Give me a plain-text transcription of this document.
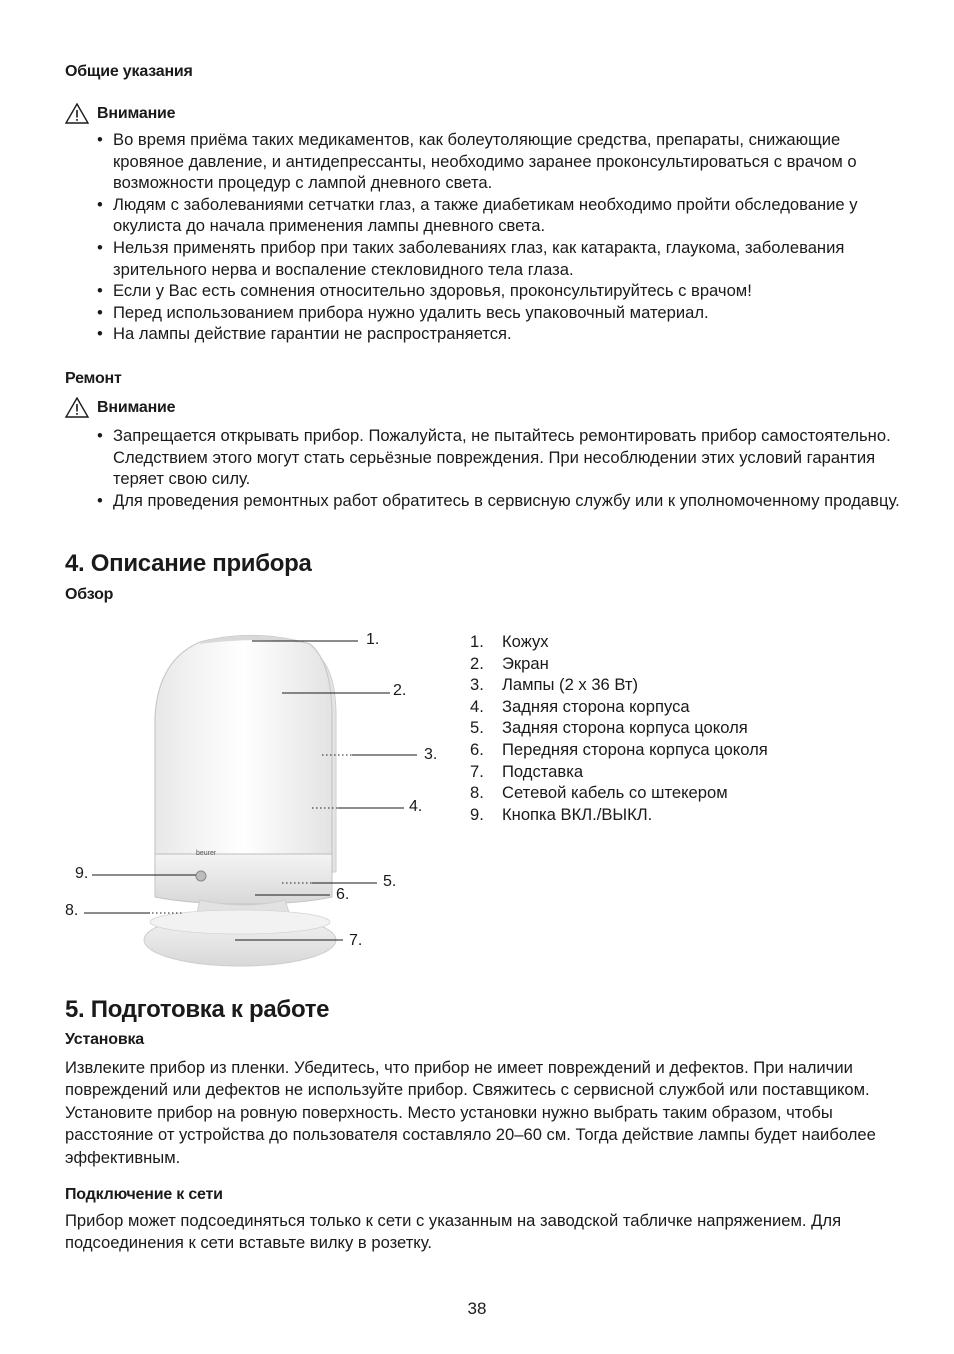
Общие указания
Внимание
• Во время приёма таких медикаментов, как болеутоляющие средства, препараты, снижающие кровяное давление, и антидепрессанты, необходимо заранее проконсультироваться с врачом о возможности процедур с лампой дневного света.
• Людям с заболеваниями сетчатки глаз, а также диабетикам необходимо пройти обследование у окулиста до начала применения лампы дневного света.
• Нельзя применять прибор при таких заболеваниях глаз, как катаракта, глаукома, заболевания зрительного нерва и воспаление стекловидного тела глаза.
• Если у Вас есть сомнения относительно здоровья, проконсультируйтесь с врачом!
• Перед использованием прибора нужно удалить весь упаковочный материал.
• На лампы действие гарантии не распространяется.
Ремонт
Внимание
• Запрещается открывать прибор. Пожалуйста, не пытайтесь ремонтировать прибор самостоятельно. Следствием этого могут стать серьёзные повреждения. При несоблюдении этих условий гарантия теряет свою силу.
• Для проведения ремонтных работ обратитесь в сервисную службу или к уполномоченному продавцу.
4. Описание прибора
Обзор
beurer
1.
2.
3.
4.
5.
6.
7.
8.
9.
1.	Кожух
2.	Экран
3.	Лампы (2 x 36 Вт)
4.	Задняя сторона корпуса
5.	Задняя сторона корпуса цоколя
6.	Передняя сторона корпуса цоколя
7.	Подставка
8.	Сетевой кабель со штекером
9.	Кнопка ВКЛ./ВЫКЛ.
5. Подготовка к работе
Установка

Извлеките прибор из пленки. Убедитесь, что прибор не имеет повреждений и дефектов. При наличии повреждений или дефектов не используйте прибор. Свяжитесь с сервисной службой или поставщиком. Установите прибор на ровную поверхность. Место установки нужно выбрать таким образом, чтобы расстояние от устройства до пользователя составляло 20–60 см. Тогда действие лампы будет наиболее эффективным.

Подключение к сети

Прибор может подсоединяться только к сети с указанным на заводской табличке напряжением. Для подсоединения к сети вставьте вилку в розетку.

38
